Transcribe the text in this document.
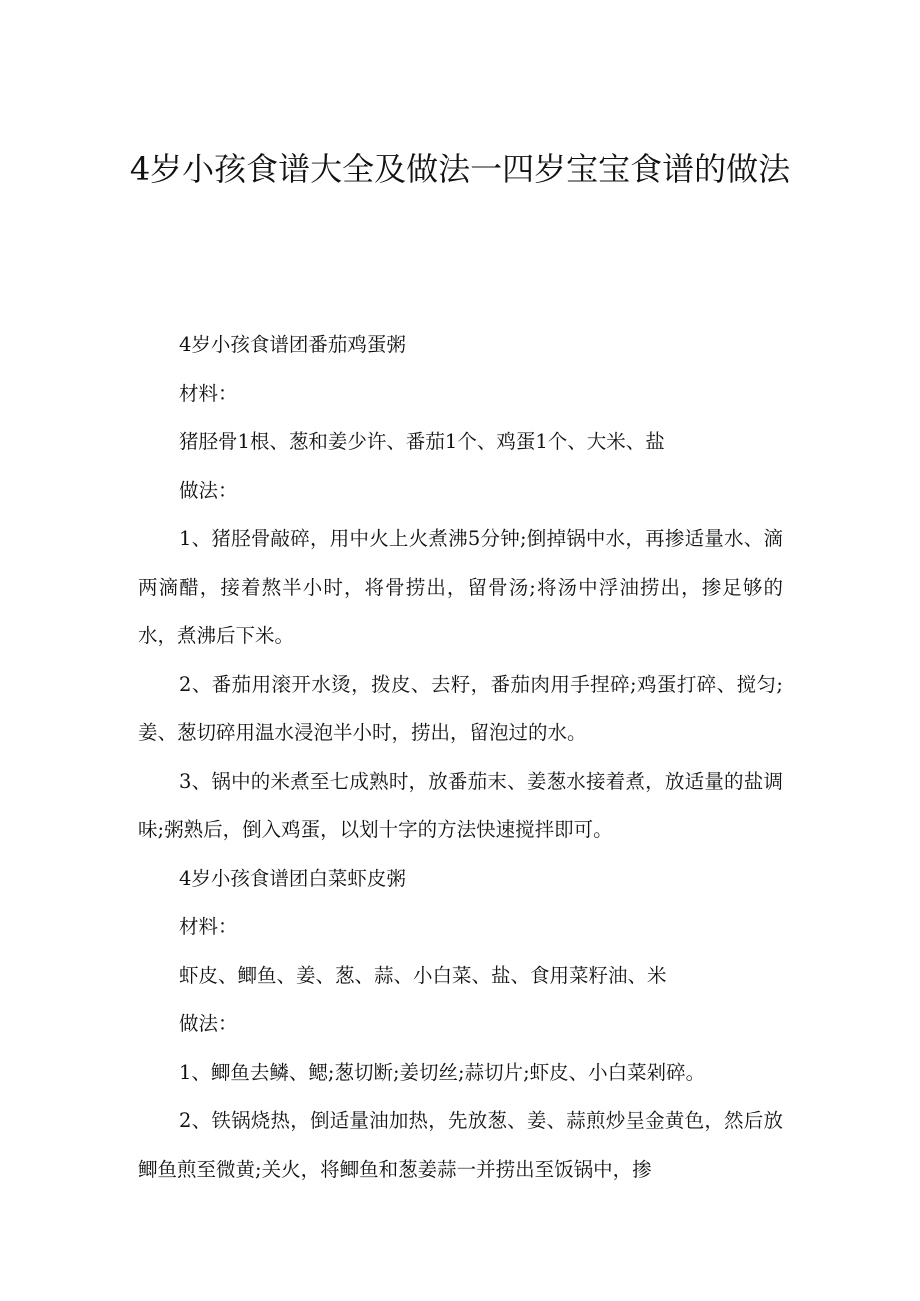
4岁小孩食谱大全及做法一四岁宝宝食谱的做法

4岁小孩食谱团番茄鸡蛋粥

材料：

猪胫骨1根、葱和姜少许、番茄1个、鸡蛋1个、大米、盐

做法：

1、猪胫骨敲碎，用中火上火煮沸5分钟;倒掉锅中水，再掺适量水、滴两滴醋，接着熬半小时，将骨捞出，留骨汤;将汤中浮油捞出，掺足够的水，煮沸后下米。

2、番茄用滚开水烫，拨皮、去籽，番茄肉用手捏碎;鸡蛋打碎、搅匀;姜、葱切碎用温水浸泡半小时，捞出，留泡过的水。

3、锅中的米煮至七成熟时，放番茄末、姜葱水接着煮，放适量的盐调味;粥熟后，倒入鸡蛋，以划十字的方法快速搅拌即可。

4岁小孩食谱团白菜虾皮粥

材料：

虾皮、鲫鱼、姜、葱、蒜、小白菜、盐、食用菜籽油、米

做法：

1、鲫鱼去鳞、鳃;葱切断;姜切丝;蒜切片;虾皮、小白菜剁碎。

2、铁锅烧热，倒适量油加热，先放葱、姜、蒜煎炒呈金黄色，然后放鲫鱼煎至微黄;关火，将鲫鱼和葱姜蒜一并捞出至饭锅中，掺
